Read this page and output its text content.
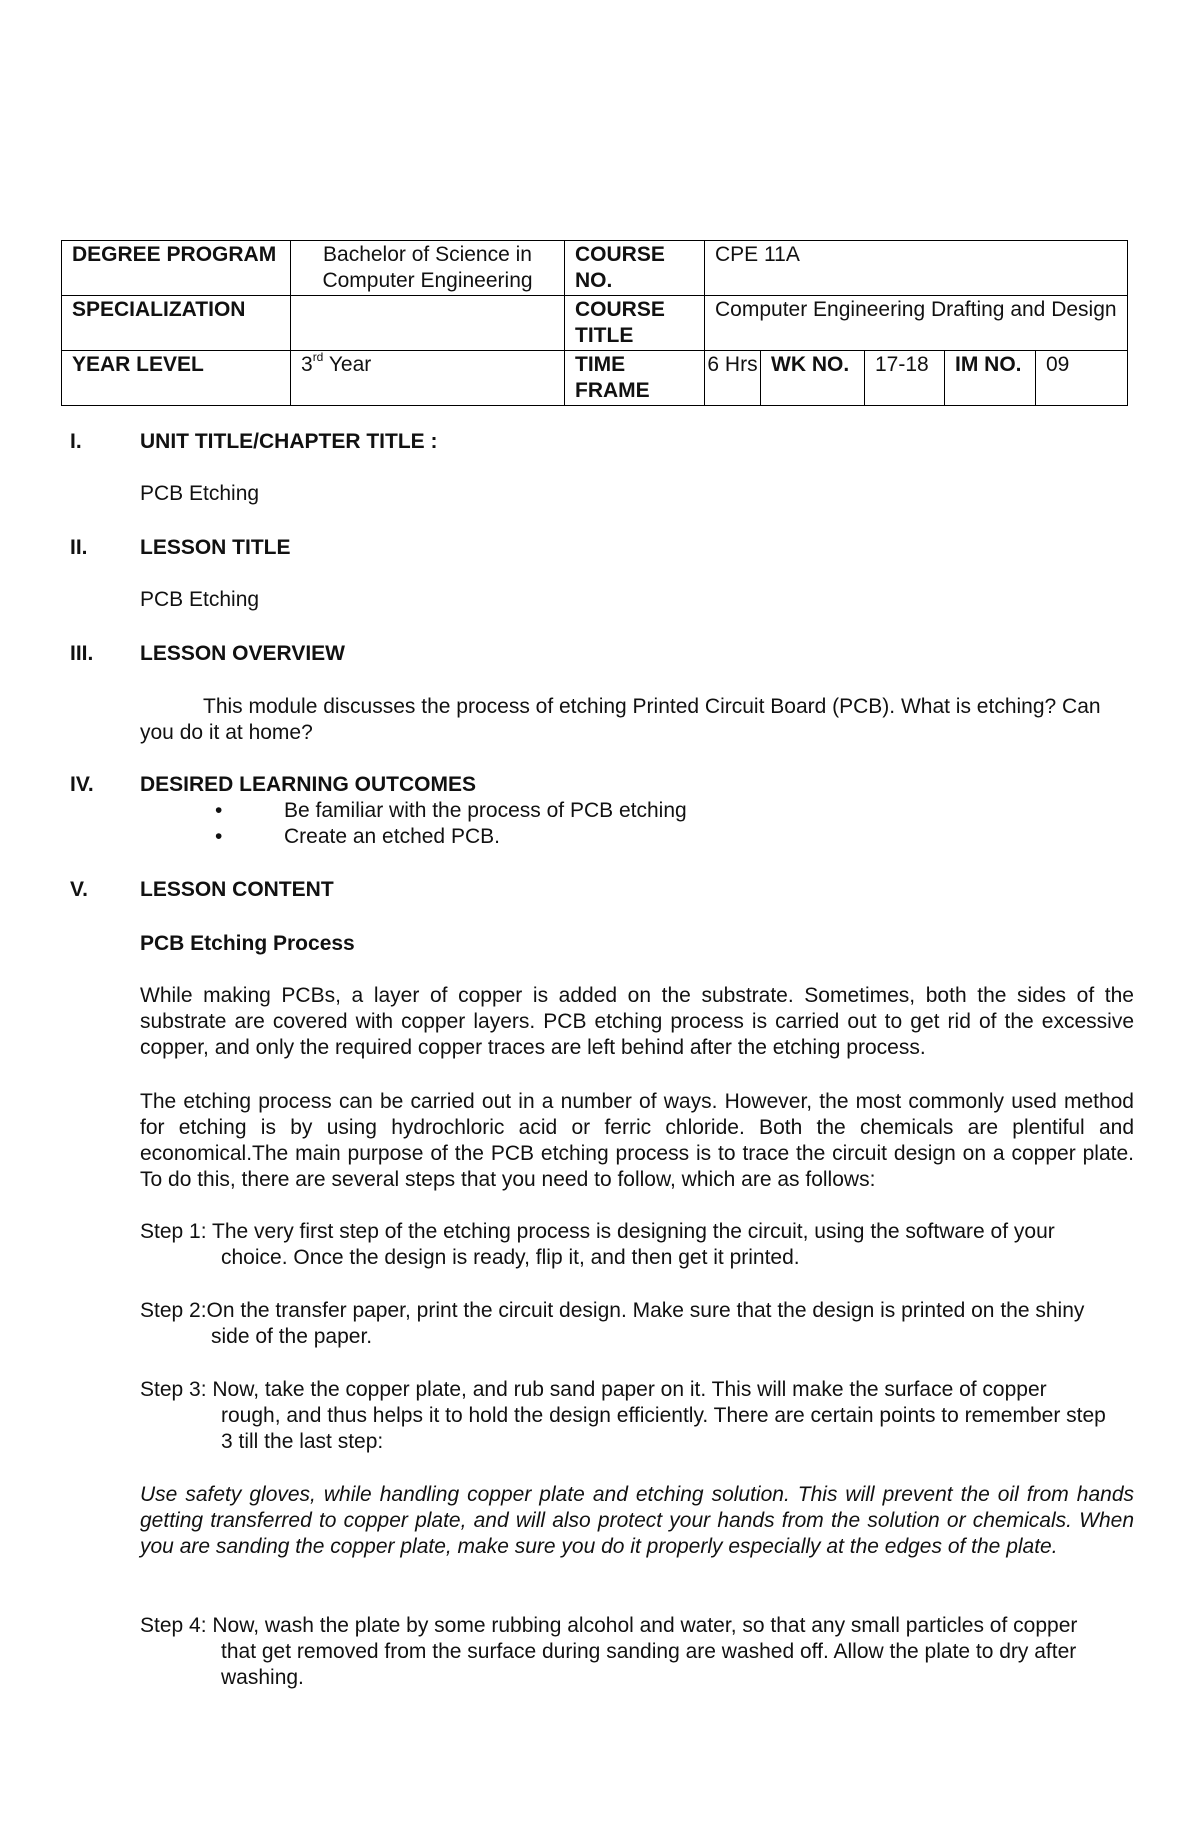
DEGREE PROGRAM	Bachelor of Science in Computer Engineering	COURSE NO.	CPE 11A				
SPECIALIZATION		COURSE TITLE	Computer Engineering Drafting and Design				
YEAR LEVEL	3rd Year	TIME FRAME	6 Hrs	WK NO.	17-18	IM NO.	09
I.	UNIT TITLE/CHAPTER TITLE :
PCB Etching
II. LESSON TITLE
PCB Etching
III. LESSON OVERVIEW
This module discusses the process of etching Printed Circuit Board (PCB). What is etching? Can
you do it at home?
IV. DESIRED LEARNING OUTCOMES
•	Be familiar with the process of PCB etching
•	Create an etched PCB.
V. LESSON CONTENT
PCB Etching Process
While making PCBs, a layer of copper is added on the substrate. Sometimes, both the sides of the substrate are covered with copper layers. PCB etching process is carried out to get rid of the excessive copper, and only the required copper traces are left behind after the etching process.
The etching process can be carried out in a number of ways. However, the most commonly used method for etching is by using hydrochloric acid or ferric chloride. Both the chemicals are plentiful and economical.The main purpose of the PCB etching process is to trace the circuit design on a copper plate. To do this, there are several steps that you need to follow, which are as follows:
Step 1: The very first step of the etching process is designing the circuit, using the software of your
choice. Once the design is ready, flip it, and then get it printed.
Step 2:On the transfer paper, print the circuit design. Make sure that the design is printed on the shiny
side of the paper.
Step 3: Now, take the copper plate, and rub sand paper on it. This will make the surface of copper
rough, and thus helps it to hold the design efficiently. There are certain points to remember step
3 till the last step:
Use safety gloves, while handling copper plate and etching solution. This will prevent the oil from hands getting transferred to copper plate, and will also protect your hands from the solution or chemicals. When you are sanding the copper plate, make sure you do it properly especially at the edges of the plate.
Step 4: Now, wash the plate by some rubbing alcohol and water, so that any small particles of copper
that get removed from the surface during sanding are washed off. Allow the plate to dry after
washing.
